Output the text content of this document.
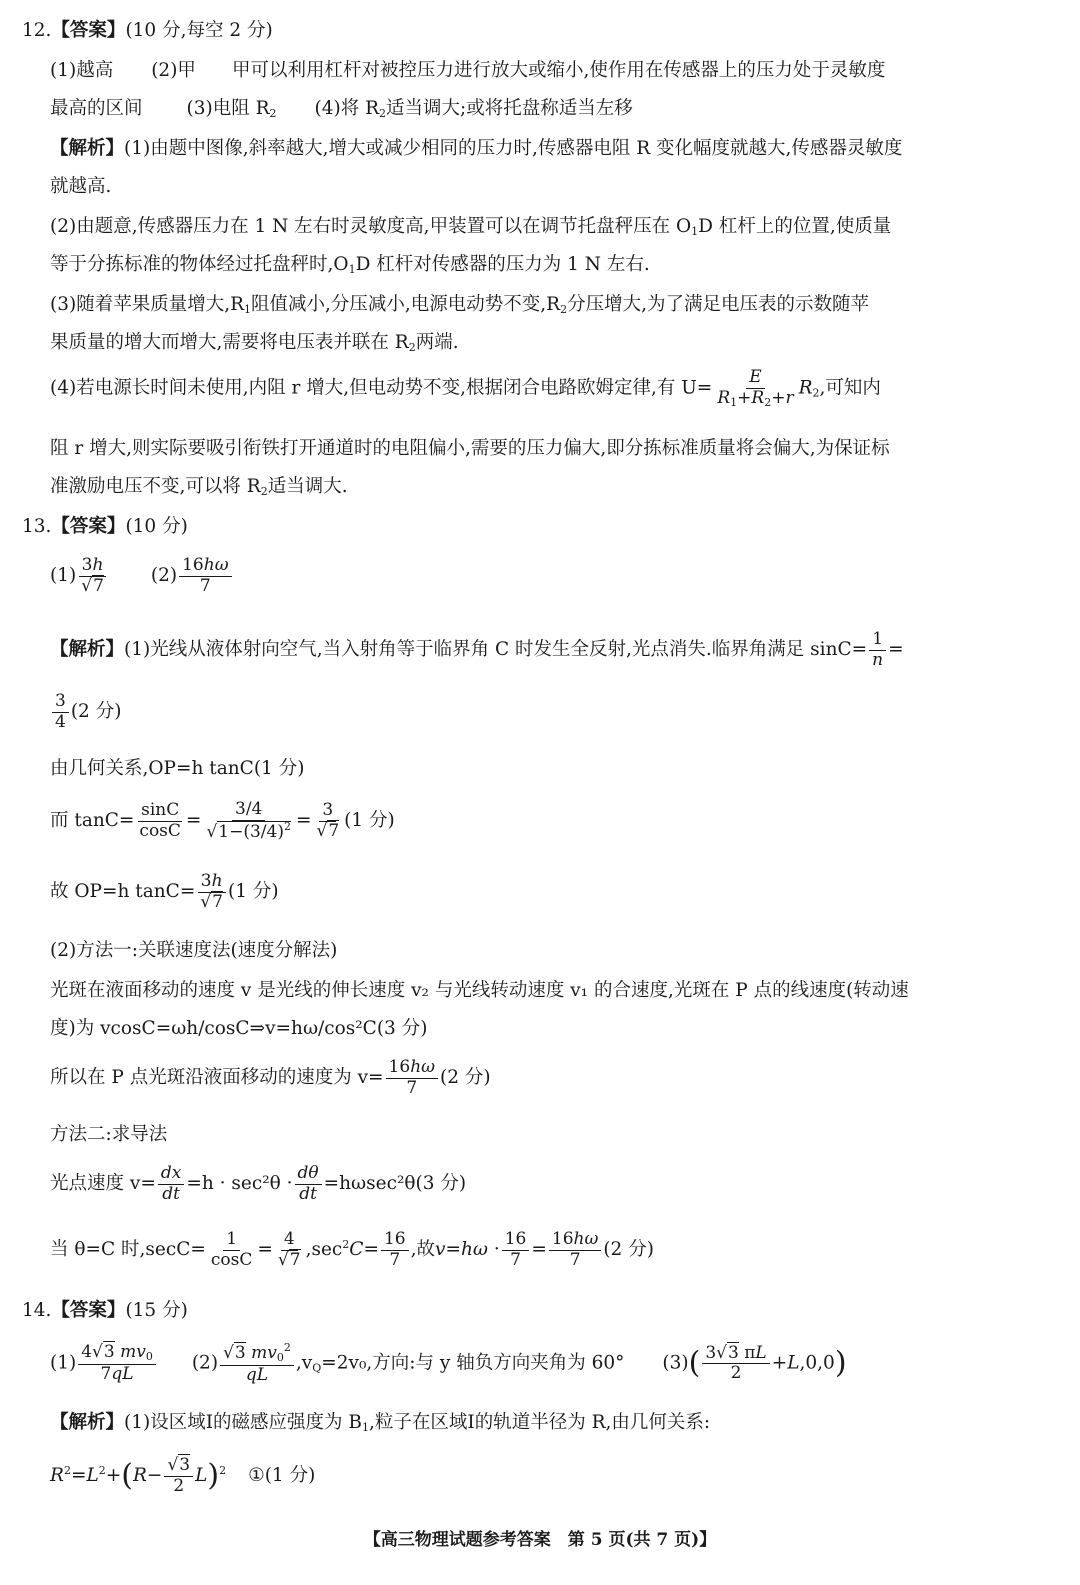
12.【答案】(10 分,每空 2 分)
(1)越高 (2)甲 甲可以利用杠杆对被控压力进行放大或缩小,使作用在传感器上的压力处于灵敏度
最高的区间 (3)电阻 $R_2$ (4)将 $R_2$适当调大;或将托盘称适当左移
【解析】(1)由题中图像,斜率越大,增大或减少相同的压力时,传感器电阻 R 变化幅度就越大,传感器灵敏度
就越高.
(2)由题意,传感器压力在 1 N 左右时灵敏度高,甲装置可以在调节托盘秤压在 $O_1D$ 杠杆上的位置,使质量
等于分拣标准的物体经过托盘秤时$,O_1D$ 杠杆对传感器的压力为 1 N 左右.
(3)随着苹果质量增大$,R_1$阻值减小,分压减小,电源电动势不变$,R_2$分压增大,为了满足电压表的示数随苹
果质量的增大而增大,需要将电压表并联在 $R_2$两端.
(4)若电源长时间未使用,内阻 r 增大,但电动势不变,根据闭合电路欧姆定律,有 $U= \frac{E}{R_1+R_2+r} R_2$,可知内
阻 r 增大,则实际要吸引衔铁打开通道时的电阻偏小,需要的压力偏大,即分拣标准质量将会偏大,为保证标
准激励电压不变,可以将 $R_2$适当调大.
13.【答案】(10 分)
$(1) \frac{3h}{√7} (2) \frac{16h\omega}{7}$
【解析】(1)光线从液体射向空气,当入射角等于临界角 C 时发生全反射,光点消失.临界角满足 $\sin C= \frac{1}{n}$ =
$\frac{3}{4} (2$ 分)
由几何关系,OP=h tanC(1 分)
而 $\tan C= \frac{\sin C}{\cos C} = \frac{3/4}{√1-(3/4)^2} = \frac{3}{√7} (1$ 分)
故 OP=h $\tan C= \frac{3h}{√7} (1$ 分)
(2)方法一:关联速度法(速度分解法)
光斑在液面移动的速度 v 是光线的伸长速度 v₂ 与光线转动速度 v₁ 的合速度,光斑在 P 点的线速度(转动速
度)为 vcosC=ωh/cosC⇒v=hω/cos²C(3 分)
所以在 P 点光斑沿液面移动的速度为 $v= \frac{16h\omega}{7} (2$ 分)
方法二:求导法
光点速度 $v= \frac{dx}{dt} =h \cdot \sec^2\theta \cdot \frac{d\theta}{dt} =h\omega\sec^2\theta(3$ 分)
当 θ=C 时$,\sec C= \frac{1}{\cos C} = \frac{4}{√7} ,\sec^2C= \frac{16}{7}$ ,故$v=h\omega \cdot \frac{16}{7} = \frac{16h\omega}{7} (2$ 分)
14.【答案】(15 分)
$(1) \frac{4√3 mv_0}{7qL} (2) \frac{√3 mv_0^2}{qL} ,v_Q=2v_0$,方向:与 y 轴负方向夹角为 60° $(3)( \frac{3√3 \pi L}{2} +L,0,0)$
【解析】(1)设区域Ⅰ的磁感应强度为 $B_1$,粒子在区域Ⅰ的轨道半径为 R,由几何关系:
$R^2=L^2+(R- \frac{√3}{2} L)^2$ ①(1 分)
【高三物理试题参考答案　第 5 页(共 7 页)】
